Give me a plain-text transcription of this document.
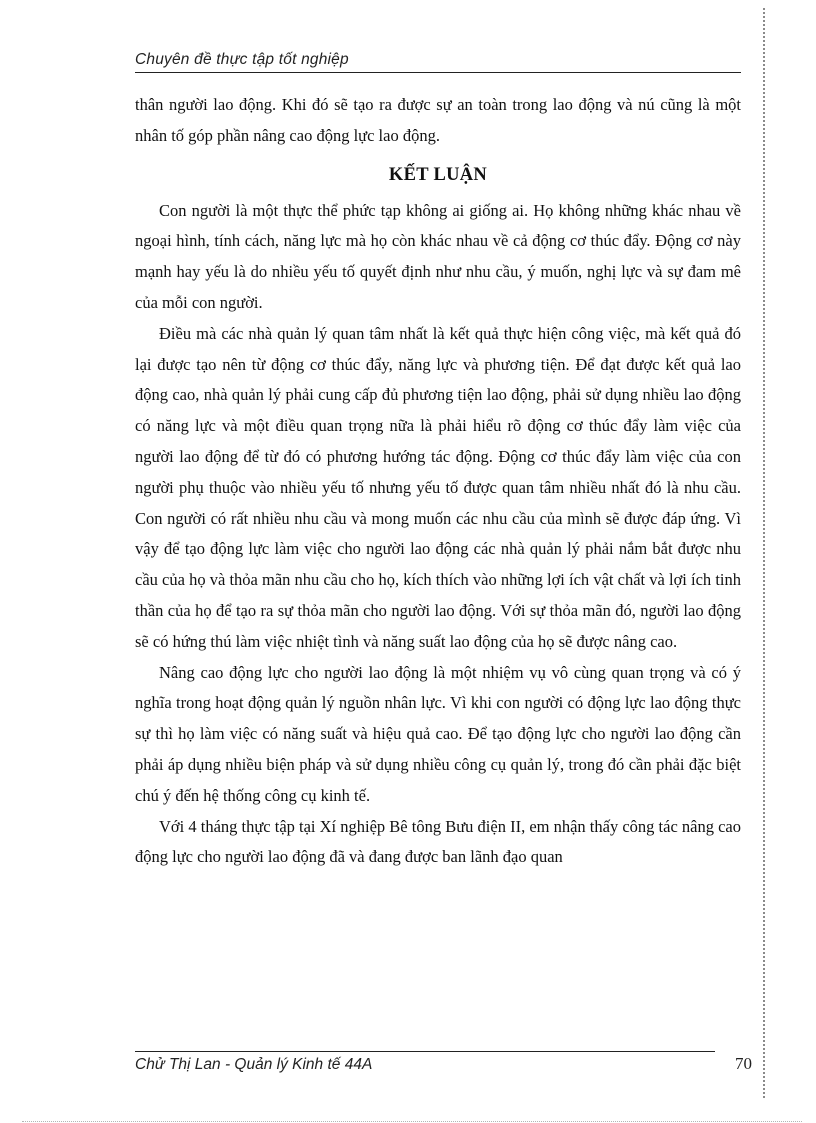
Chuyên đề thực tập tốt nghiệp

thân người lao động. Khi đó sẽ tạo ra được sự an toàn trong lao động và nú cũng là một nhân tố góp phần nâng cao động lực lao động.

KẾT LUẬN

Con người là một thực thể phức tạp không ai giống ai. Họ không những khác nhau về ngoại hình, tính cách, năng lực mà họ còn khác nhau về cả động cơ thúc đẩy. Động cơ này mạnh hay yếu là do nhiều yếu tố quyết định như nhu cầu, ý muốn, nghị lực và sự đam mê của mỗi con người.

Điều mà các nhà quản lý quan tâm nhất là kết quả thực hiện công việc, mà kết quả đó lại được tạo nên từ động cơ thúc đẩy, năng lực và phương tiện. Để đạt được kết quả lao động cao, nhà quản lý phải cung cấp đủ phương tiện lao động, phải sử dụng nhiều lao động có năng lực và một điều quan trọng nữa là phải hiểu rõ động cơ thúc đẩy làm việc của người lao động để từ đó có phương hướng tác động. Động cơ thúc đẩy làm việc của con người phụ thuộc vào nhiều yếu tố nhưng yếu tố được quan tâm nhiều nhất đó là nhu cầu. Con người có rất nhiều nhu cầu và mong muốn các nhu cầu của mình sẽ được đáp ứng. Vì vậy để tạo động lực làm việc cho người lao động các nhà quản lý phải nắm bắt được nhu cầu của họ và thỏa mãn nhu cầu cho họ, kích thích vào những lợi ích vật chất và lợi ích tinh thần của họ để tạo ra sự thỏa mãn cho người lao động. Với sự thỏa mãn đó, người lao động sẽ có hứng thú làm việc nhiệt tình và năng suất lao động của họ sẽ được nâng cao.

Nâng cao động lực cho người lao động là một nhiệm vụ vô cùng quan trọng và có ý nghĩa trong hoạt động quản lý nguồn nhân lực. Vì khi con người có động lực lao động thực sự thì họ làm việc có năng suất và hiệu quả cao. Để tạo động lực cho người lao động cần phải áp dụng nhiều biện pháp và sử dụng nhiều công cụ quản lý, trong đó cần phải đặc biệt chú ý đến hệ thống công cụ kinh tế.

Với 4 tháng thực tập tại Xí nghiệp Bê tông Bưu điện II, em nhận thấy công tác nâng cao động lực cho người lao động đã và đang được ban lãnh đạo quan

Chử Thị Lan - Quản lý Kinh tế 44A	70
